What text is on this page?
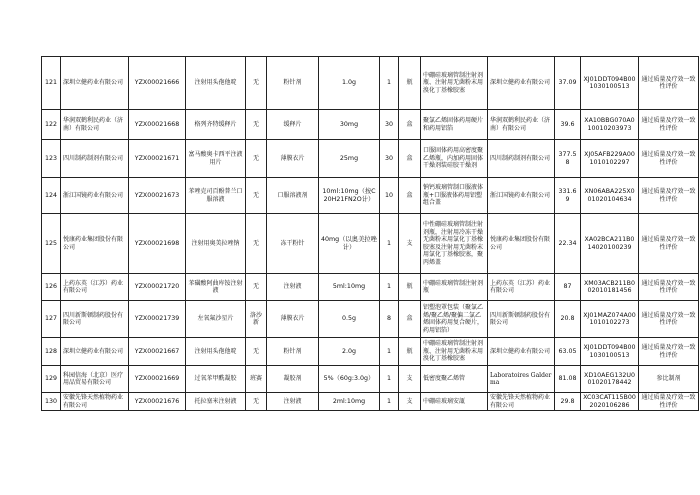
121	深圳立健药业有限公司	YZX00021666	注射用头孢他啶	无	粉针剂	1.0g	1	瓶	中硼硅玻璃管制注射剂瓶、注射用无菌粉末用溴化丁基橡胶塞	深圳立健药业有限公司	37.09	XJ01DDT094B001030100513	通过质量及疗效一致性评价
122	华润双鹤利民药业（济南）有限公司	YZX00021668	格列齐特缓释片	无	缓释片	30mg	30	盒	聚氯乙烯固体药用硬片和药用铝箔	华润双鹤利民药业（济南）有限公司	39.6	XA10BBG070A010010203973	通过质量及疗效一致性评价
123	四川制药制剂有限公司	YZX00021671	富马酸奥卡西平注液用片	无	薄膜衣片	25mg	30	盒	口服固体药用高密度聚乙烯瓶，内加药用固体干燥剂装硅胶干燥剂	四川制药制剂有限公司	377.58	XJ05AFB229A001010102297	通过质量及疗效一致性评价
124	浙江国镜药业有限公司	YZX00021673	苯唑克司百酚普兰口服溶液	无	口服溶液剂	10ml:10mg（按C20H21FN2O计）	10	盒	钠钙玻璃管制口服液体瓶+口服液体药用铝塑组合盖	浙江国镜药业有限公司	331.69	XN06ABA225X001020104634	通过质量及疗效一致性评价
125	悦康药业集团股份有限公司	YZX00021698	注射用奥美拉唑钠	无	冻干粉针	40mg（以奥美拉唑计）	1	支	中性硼硅玻璃管制注射剂瓶，注射用冷冻干燥无菌粉末用氯化丁基橡胶塞及注射用无菌粉末用氯化丁基橡胶塞，聚丙烯盖	悦康药业集团股份有限公司	22.34	XA02BCA211B014020100239	通过质量及疗效一致性评价
126	上药东英（江苏）药业有限公司	YZX00021720	苯磺酸阿曲库铵注射液	无	注射液	5ml:10mg	1	瓶	中硼硅玻璃管制注射剂瓶	上药东英（江苏）药业有限公司	87	XM03ACB211B002010181456	通过质量及疗效一致性评价
127	四川新斯顿制药股份有限公司	YZX00021739	左氧氟沙星片	洛沙新	薄膜衣片	0.5g	8	盒	铝塑泡罩包装（聚氯乙烯/聚乙烯/聚偏二氯乙烯固体药用复合硬片，药用铝箔）	四川新斯顿制药股份有限公司	20.8	XJ01MAZ074A001010102273	通过质量及疗效一致性评价
128	深圳立健药业有限公司	YZX00021667	注射用头孢他啶	无	粉针剂	2.0g	1	瓶	中硼硅玻璃管制注射剂瓶、注射用无菌粉末用溴化丁基橡胶塞	深圳立健药业有限公司	63.05	XJ01DDT094B001030100513	通过质量及疗效一致性评价
129	科园信海（北京）医疗用品贸易有限公司	YZX00021669	过氧苯甲酰凝胶	班赛	凝胶剂	5%（60g:3.0g）	1	支	低密度聚乙烯管	Laboratoires Galderma	81.08	XD10AEG132U001020178442	参比制剂
130	安徽先锋天然植物药业有限公司	YZX00021676	托拉塞米注射液	无	注射液	2ml:10mg	1	支	中硼硅玻璃安瓿	安徽先锋天然植物药业有限公司	29.8	XC03CAT115B002020106286	通过质量及疗效一致性评价
